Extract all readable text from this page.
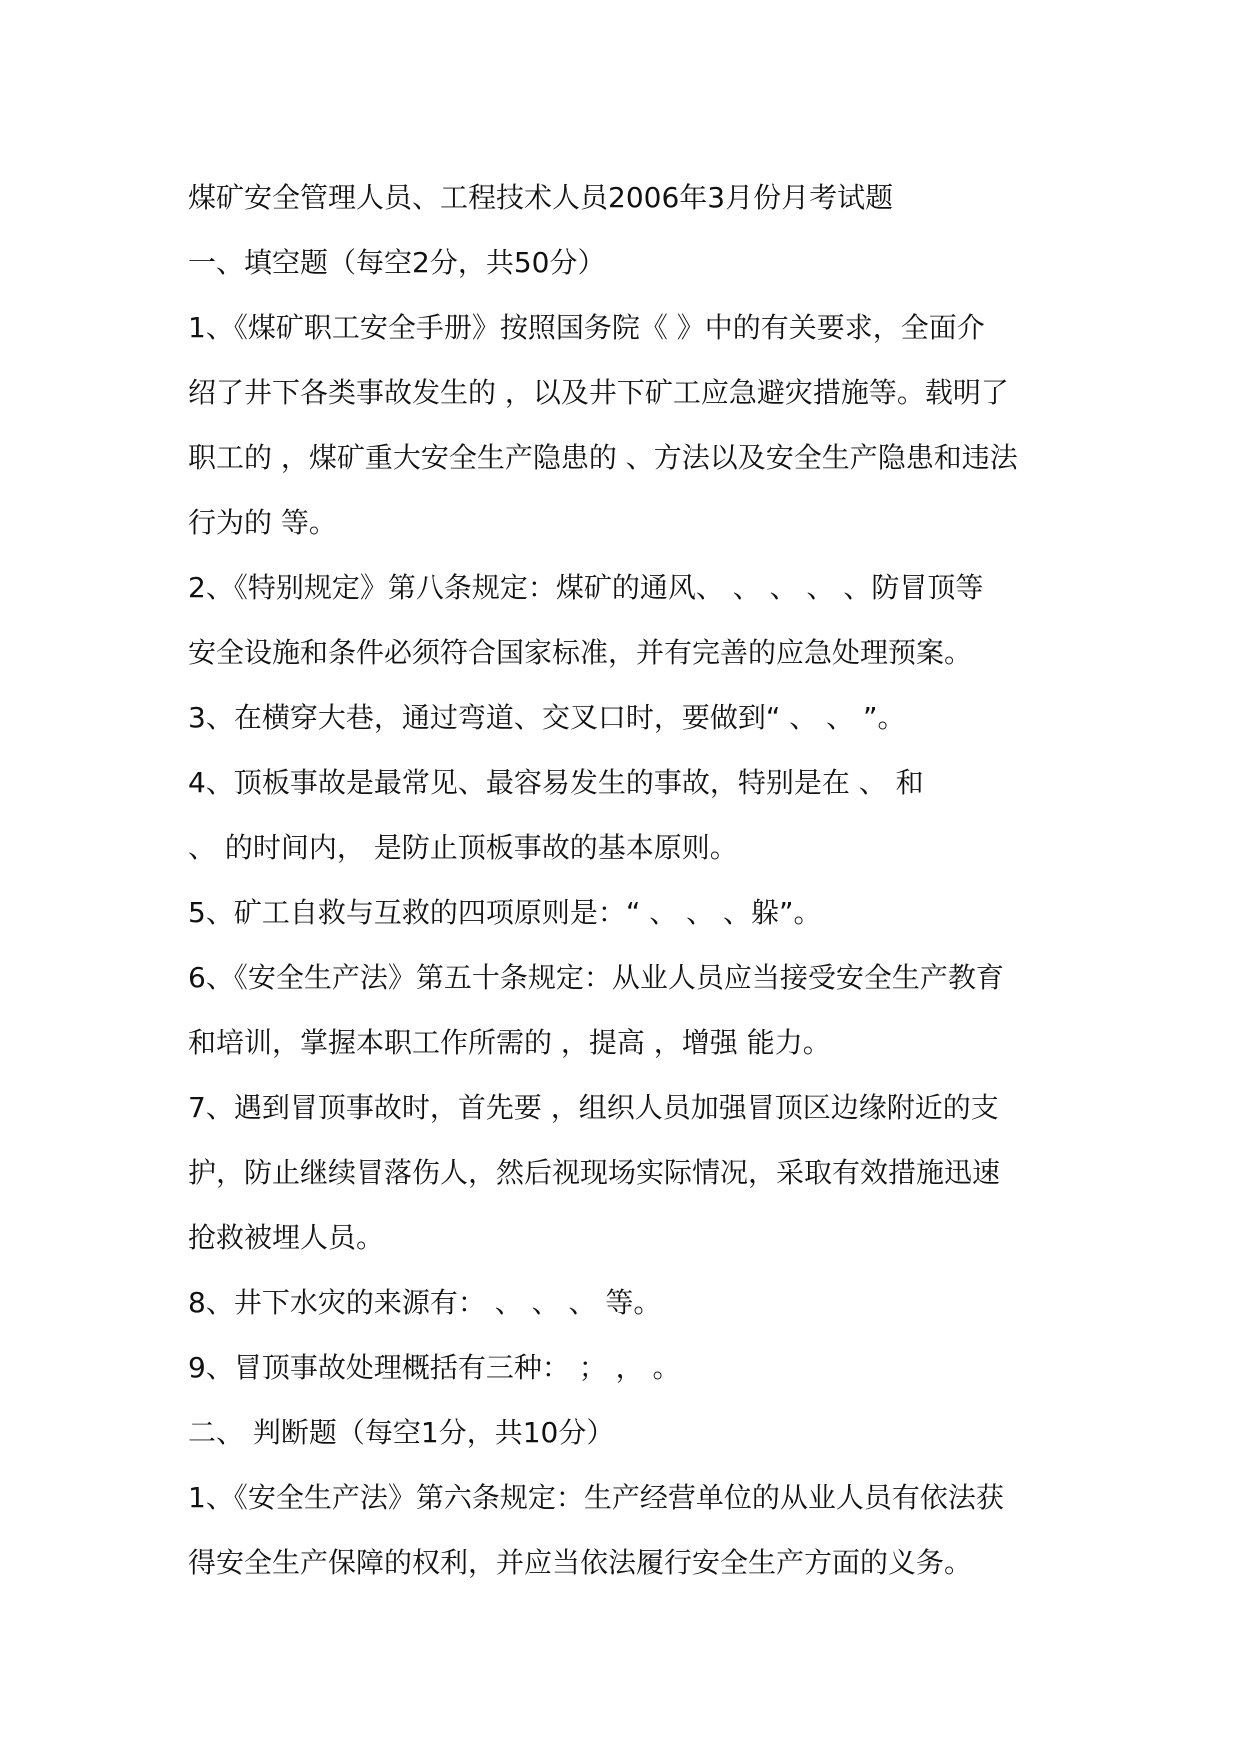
煤矿安全管理人员、工程技术人员2006年3月份月考试题
一、填空题（每空2分，共50分）
1、《煤矿职工安全手册》按照国务院《 》中的有关要求，全面介
绍了井下各类事故发生的 ，以及井下矿工应急避灾措施等。载明了
职工的 ，煤矿重大安全生产隐患的 、方法以及安全生产隐患和违法
行为的 等。
2、《特别规定》第八条规定：煤矿的通风、 、 、 、 、防冒顶等
安全设施和条件必须符合国家标准，并有完善的应急处理预案。
3、在横穿大巷，通过弯道、交叉口时，要做到“ 、 、 ”。
4、顶板事故是最常见、最容易发生的事故，特别是在 、 和
、 的时间内， 是防止顶板事故的基本原则。
5、矿工自救与互救的四项原则是：“ 、 、 、躲”。
6、《安全生产法》第五十条规定：从业人员应当接受安全生产教育
和培训，掌握本职工作所需的 ，提高 ，增强 能力。
7、遇到冒顶事故时，首先要 ，组织人员加强冒顶区边缘附近的支
护，防止继续冒落伤人，然后视现场实际情况，采取有效措施迅速
抢救被埋人员。
8、井下水灾的来源有： 、 、 、 等。
9、冒顶事故处理概括有三种： ； ， 。
二、 判断题（每空1分，共10分）
1、《安全生产法》第六条规定：生产经营单位的从业人员有依法获
得安全生产保障的权利，并应当依法履行安全生产方面的义务。
